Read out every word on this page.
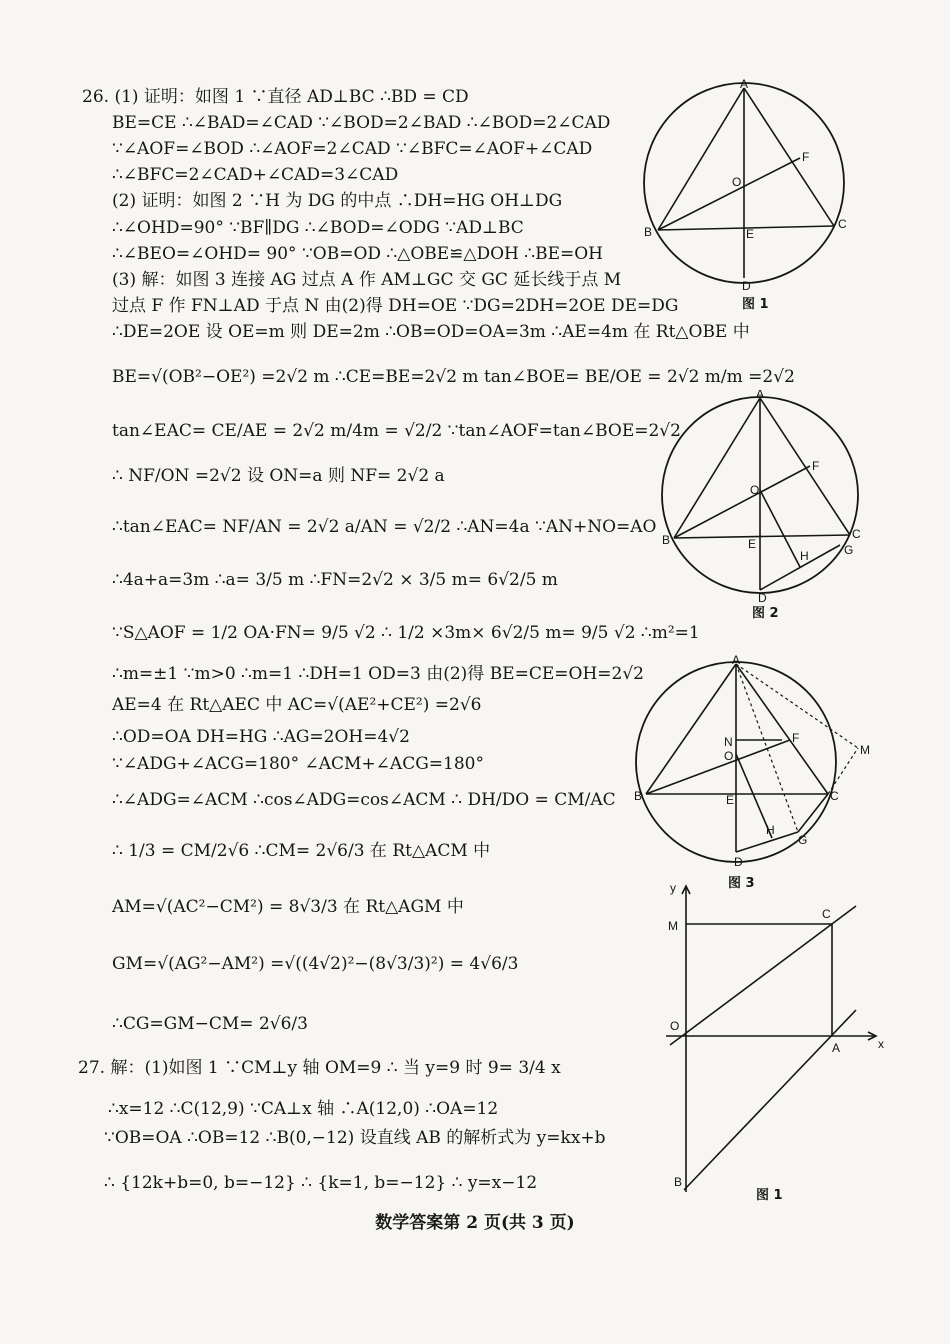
26. (1) 证明：如图 1 ∵直径 AD⊥BC ∴BD = CD
BE=CE ∴∠BAD=∠CAD ∵∠BOD=2∠BAD ∴∠BOD=2∠CAD
∵∠AOF=∠BOD ∴∠AOF=2∠CAD ∵∠BFC=∠AOF+∠CAD
∴∠BFC=2∠CAD+∠CAD=3∠CAD
(2) 证明：如图 2 ∵H 为 DG 的中点 ∴DH=HG OH⊥DG
∴∠OHD=90° ∵BF∥DG ∴∠BOD=∠ODG ∵AD⊥BC
∴∠BEO=∠OHD= 90° ∵OB=OD ∴△OBE≌△DOH ∴BE=OH
(3) 解：如图 3 连接 AG 过点 A 作 AM⊥GC 交 GC 延长线于点 M
过点 F 作 FN⊥AD 于点 N 由(2)得 DH=OE ∵DG=2DH=2OE DE=DG
∴DE=2OE 设 OE=m 则 DE=2m ∴OB=OD=OA=3m ∴AE=4m 在 Rt△OBE 中
BE=√(OB²−OE²) =2√2 m ∴CE=BE=2√2 m tan∠BOE= BE/OE = 2√2 m/m =2√2
tan∠EAC= CE/AE = 2√2 m/4m = √2/2 ∵tan∠AOF=tan∠BOE=2√2
∴ NF/ON =2√2 设 ON=a 则 NF= 2√2 a
∴tan∠EAC= NF/AN = 2√2 a/AN = √2/2 ∴AN=4a ∵AN+NO=AO
∴4a+a=3m ∴a= 3/5 m ∴FN=2√2 × 3/5 m= 6√2/5 m
∵S△AOF = 1/2 OA·FN= 9/5 √2 ∴ 1/2 ×3m× 6√2/5 m= 9/5 √2 ∴m²=1
∴m=±1 ∵m>0 ∴m=1 ∴DH=1 OD=3 由(2)得 BE=CE=OH=2√2
AE=4 在 Rt△AEC 中 AC=√(AE²+CE²) =2√6
∴OD=OA DH=HG ∴AG=2OH=4√2
∵∠ADG+∠ACG=180° ∠ACM+∠ACG=180°
∴∠ADG=∠ACM ∴cos∠ADG=cos∠ACM ∴ DH/DO = CM/AC
∴ 1/3 = CM/2√6 ∴CM= 2√6/3 在 Rt△ACM 中
AM=√(AC²−CM²) = 8√3/3 在 Rt△AGM 中
GM=√(AG²−AM²) =√((4√2)²−(8√3/3)²) = 4√6/3
∴CG=GM−CM= 2√6/3
27. 解：(1)如图 1 ∵CM⊥y 轴 OM=9 ∴ 当 y=9 时 9= 3/4 x
∴x=12 ∴C(12,9) ∵CA⊥x 轴 ∴A(12,0) ∴OA=12
∵OB=OA ∴OB=12 ∴B(0,−12) 设直线 AB 的解析式为 y=kx+b
∴ {12k+b=0, b=−12} ∴ {k=1, b=−12} ∴ y=x−12
A
B
C
D
E
F
O
图 1
A
B	C
D
E
F
G
H
O
图 2
A
B	C
D
E
F
G
H
M
N
O
图 3
y
x
M
C
O
A
B
图 1
数学答案第 2 页(共 3 页)
